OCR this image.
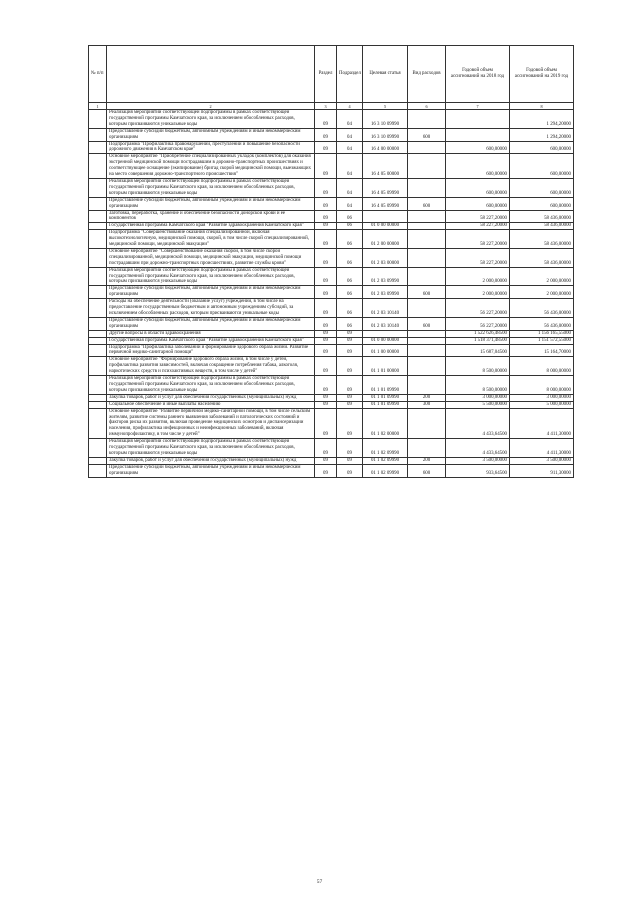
№ п/п		Раздел	Подраздел	Целевая статья	Вид расходов	Годовой объем ассигнований на 2018 год	Годовой объем ассигнований на 2019 год
1	2	3	4	5	6	7	8
	Реализация мероприятий соответствующей подпрограммы в рамках соответствующей государственной программы Камчатского края, за исключением обособленных расходов, которым присваиваются уникальные коды	09	04	16 3 10 09990			1 294,20000
	Предоставление субсидий бюджетным, автономным учреждениям и иным некоммерческим организациям	09	04	16 3 10 09990	600		1 294,20000
	Подпрограмма "Профилактика правонарушений, преступлений и повышение безопасности дорожного движения в Камчатском крае"	09	04	16 4 00 00000		600,00000	600,00000
	Основное мероприятие "Приобретение специализированных укладок (комплектов) для оказания экстренной медицинской помощи пострадавшим в дорожно-транспортных происшествиях и соответствующее оснащение (экипирование) бригад скорой медицинской помощи, выезжающих на место совершения дорожно-транспортного происшествия"	09	04	16 4 05 00000		600,00000	600,00000
	Реализация мероприятий соответствующей подпрограммы в рамках соответствующей государственной программы Камчатского края, за исключением обособленных расходов, которым присваиваются уникальные коды	09	04	16 4 05 09990		600,00000	600,00000
	Предоставление субсидий бюджетным, автономным учреждениям и иным некоммерческим организациям	09	04	16 4 05 09990	600	600,00000	600,00000
	Заготовка, переработка, хранение и обеспечение безопасности донорской крови и ее компонентов	09	06			58 227,20000	58 436,00000
	Государственная программа Камчатского края "Развитие здравоохранения Камчатского края"	09	06	01 0 00 00000		58 227,20000	58 436,00000
	Подпрограмма "Совершенствование оказания специализированной, включая высокотехнологичную, медицинской помощи, скорой, в том числе скорой специализированной, медицинской помощи, медицинской эвакуации"	09	06	01 2 00 00000		58 227,20000	58 436,00000
	Основное мероприятие "Совершенствование оказания скорой, в том числе скорой специализированной, медицинской помощи, медицинской эвакуации, медицинской помощи пострадавшим при дорожно-транспортных происшествиях, развитие службы крови"	09	06	01 2 03 00000		58 227,20000	58 436,00000
	Реализация мероприятий соответствующей подпрограммы в рамках соответствующей государственной программы Камчатского края, за исключением обособленных расходов, которым присваиваются уникальные коды	09	06	01 2 03 09990		2 000,00000	2 000,00000
	Предоставление субсидий бюджетным, автономным учреждениям и иным некоммерческим организациям	09	06	01 2 03 09990	600	2 000,00000	2 000,00000
	Расходы на обеспечение деятельности (оказание услуг) учреждений, в том числе на предоставление государственным бюджетным и автономным учреждениям субсидий, за исключением обособленных расходов, которым присваиваются уникальные коды	09	06	01 2 03 10140		56 227,20000	56 436,00000
	Предоставление субсидий бюджетным, автономным учреждениям и иным некоммерческим организациям	09	06	01 2 03 10140	600	56 227,20000	56 436,00000
	Другие вопросы в области здравоохранения	09	09			1 522 626,48500	1 156 165,55000
	Государственная программа Камчатского края "Развитие здравоохранения Камчатского края"	09	09	01 0 00 00000		1 518 371,48500	1 151 572,55000
	Подпрограмма "Профилактика заболеваний и формирование здорового образа жизни. Развитие первичной медико-санитарной помощи"	09	09	01 1 00 00000		15 687,04500	15 164,70000
	Основное мероприятие "Формирование здорового образа жизни, в том числе у детей, профилактика развития зависимостей, включая сокращение потребления табака, алкоголя, наркотических средств и психоактивных веществ, в том числе у детей"	09	09	01 1 01 00000		8 500,00000	8 000,00000
	Реализация мероприятий соответствующей подпрограммы в рамках соответствующей государственной программы Камчатского края, за исключением обособленных расходов, которым присваиваются уникальные коды	09	09	01 1 01 09990		8 500,00000	8 000,00000
	Закупка товаров, работ и услуг для обеспечения государственных (муниципальных) нужд	09	09	01 1 01 09990	200	3 000,00000	3 000,00000
	Социальное обеспечение и иные выплаты населению	09	09	01 1 01 09990	300	5 500,00000	5 000,00000
	Основное мероприятие "Развитие первичной медико-санитарной помощи, в том числе сельским жителям, развитие системы раннего выявления заболеваний и патологических состояний и факторов риска их развития, включая проведение медицинских осмотров и диспансеризации населения, профилактика инфекционных и неинфекционных заболеваний, включая иммунопрофилактику, в том числе у детей"	09	09	01 1 02 00000		4 433,64500	4 411,30000
	Реализация мероприятий соответствующей подпрограммы в рамках соответствующей государственной программы Камчатского края, за исключением обособленных расходов, которым присваиваются уникальные коды	09	09	01 1 02 09990		4 433,64500	4 411,30000
	Закупка товаров, работ и услуг для обеспечения государственных (муниципальных) нужд	09	09	01 1 02 09990	200	3 500,00000	3 500,00000
	Предоставление субсидий бюджетным, автономным учреждениям и иным некоммерческим организациям	09	09	01 1 02 09990	600	933,64500	911,30000
57
